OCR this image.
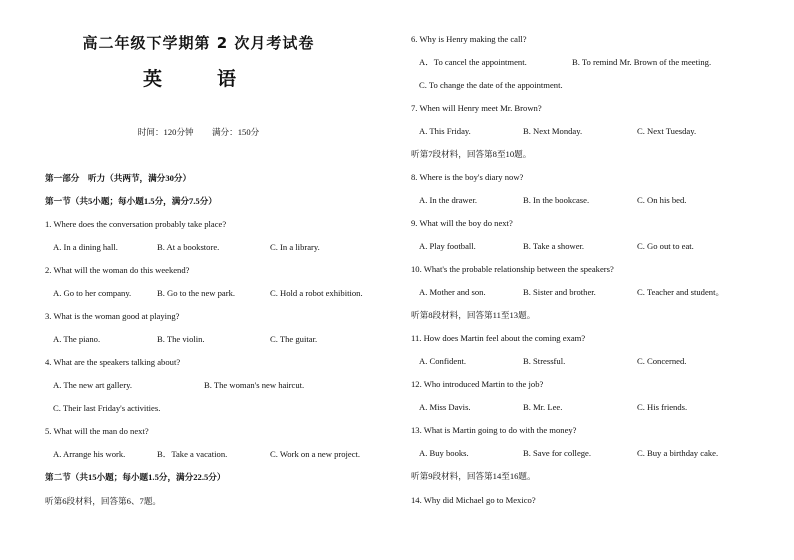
高二年级下学期第 2 次月考试卷
英　语
时间：120分钟 满分：150分
第一部分　听力（共两节，满分30分）
第一节（共5小题；每小题1.5分，满分7.5分）
1. Where does the conversation probably take place?
A. In a dining hall.	B. At a bookstore.	C. In a library.
2. What will the woman do this weekend?
A. Go to her company.	B. Go to the new park.	C. Hold a robot exhibition.
3. What is the woman good at playing?
A. The piano.	B. The violin.	C. The guitar.
4. What are the speakers talking about?
A. The new art gallery.	B. The woman's new haircut.
C. Their last Friday's activities.
5. What will the man do next?
A. Arrange his work.	B．Take a vacation.	C. Work on a new project.
第二节（共15小题；每小题1.5分，满分22.5分）
听第6段材料，回答第6、7题。
6. Why is Henry making the call?
A．To cancel the appointment.	B. To remind Mr. Brown of the meeting.
C. To change the date of the appointment.
7. When will Henry meet Mr. Brown?
A. This Friday.	B. Next Monday.	C. Next Tuesday.
听第7段材料，回答第8至10题。
8. Where is the boy's diary now?
A. In the drawer.	B. In the bookcase.	C. On his bed.
9. What will the boy do next?
A. Play football.	B. Take a shower.	C. Go out to eat.
10. What's the probable relationship between the speakers?
A. Mother and son.	B. Sister and brother.	C. Teacher and student。
听第8段材料，回答第11至13题。
11. How does Martin feel about the coming exam?
A. Confident.	B. Stressful.	C. Concerned.
12. Who introduced Martin to the job?
A. Miss Davis.	B. Mr. Lee.	C. His friends.
13. What is Martin going to do with the money?
A. Buy books.	B. Save for college.	C. Buy a birthday cake.
听第9段材料，回答第14至16题。
14. Why did Michael go to Mexico?
